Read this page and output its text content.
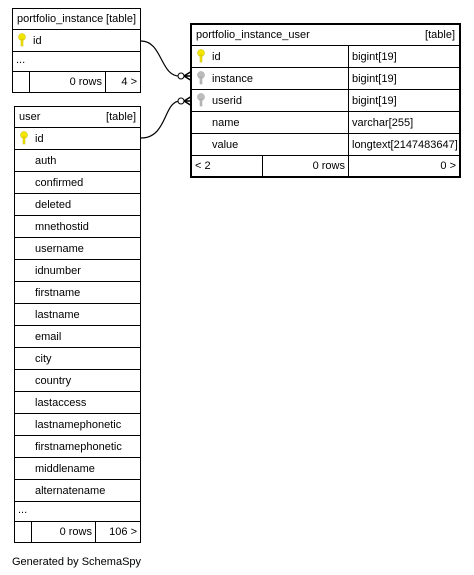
portfolio_instance [table]
id
...
0 rows 4 >
portfolio_instance_user	[table]
id	bigint[19]
instance	bigint[19]
userid	bigint[19]
name	varchar[255]
value	longtext[2147483647]
< 2	0 rows	0 >
user	[table]
id
auth
confirmed
deleted
mnethostid
username
idnumber
firstname
lastname
email
city
country
lastaccess
lastnamephonetic
firstnamephonetic
middlename
alternatename
...
0 rows 106 >
Generated by SchemaSpy
